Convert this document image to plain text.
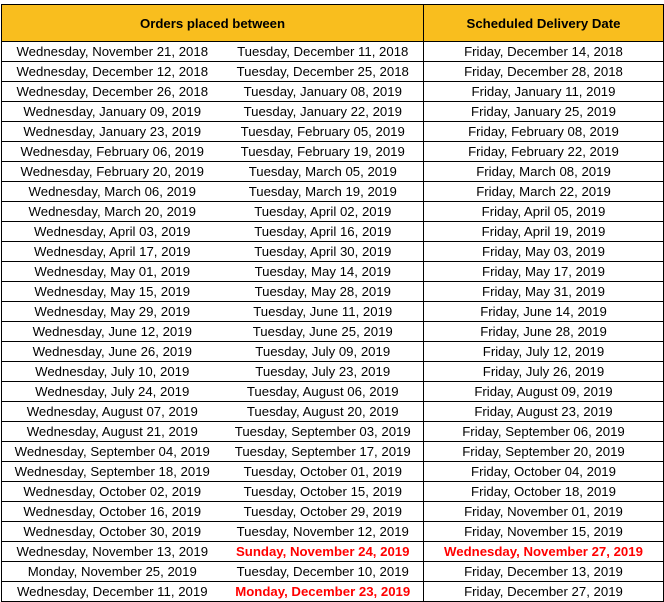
Orders placed between		Scheduled Delivery Date
Wednesday, November 21, 2018	Tuesday, December 11, 2018	Friday, December 14, 2018
Wednesday, December 12, 2018	Tuesday, December 25, 2018	Friday, December 28, 2018
Wednesday, December 26, 2018	Tuesday, January 08, 2019	Friday, January 11, 2019
Wednesday, January 09, 2019	Tuesday, January 22, 2019	Friday, January 25, 2019
Wednesday, January 23, 2019	Tuesday, February 05, 2019	Friday, February 08, 2019
Wednesday, February 06, 2019	Tuesday, February 19, 2019	Friday, February 22, 2019
Wednesday, February 20, 2019	Tuesday, March 05, 2019	Friday, March 08, 2019
Wednesday, March 06, 2019	Tuesday, March 19, 2019	Friday, March 22, 2019
Wednesday, March 20, 2019	Tuesday, April 02, 2019	Friday, April 05, 2019
Wednesday, April 03, 2019	Tuesday, April 16, 2019	Friday, April 19, 2019
Wednesday, April 17, 2019	Tuesday, April 30, 2019	Friday, May 03, 2019
Wednesday, May 01, 2019	Tuesday, May 14, 2019	Friday, May 17, 2019
Wednesday, May 15, 2019	Tuesday, May 28, 2019	Friday, May 31, 2019
Wednesday, May 29, 2019	Tuesday, June 11, 2019	Friday, June 14, 2019
Wednesday, June 12, 2019	Tuesday, June 25, 2019	Friday, June 28, 2019
Wednesday, June 26, 2019	Tuesday, July 09, 2019	Friday, July 12, 2019
Wednesday, July 10, 2019	Tuesday, July 23, 2019	Friday, July 26, 2019
Wednesday, July 24, 2019	Tuesday, August 06, 2019	Friday, August 09, 2019
Wednesday, August 07, 2019	Tuesday, August 20, 2019	Friday, August 23, 2019
Wednesday, August 21, 2019	Tuesday, September 03, 2019	Friday, September 06, 2019
Wednesday, September 04, 2019	Tuesday, September 17, 2019	Friday, September 20, 2019
Wednesday, September 18, 2019	Tuesday, October 01, 2019	Friday, October 04, 2019
Wednesday, October 02, 2019	Tuesday, October 15, 2019	Friday, October 18, 2019
Wednesday, October 16, 2019	Tuesday, October 29, 2019	Friday, November 01, 2019
Wednesday, October 30, 2019	Tuesday, November 12, 2019	Friday, November 15, 2019
Wednesday, November 13, 2019	Sunday, November 24, 2019	Wednesday, November 27, 2019
Monday, November 25, 2019	Tuesday, December 10, 2019	Friday, December 13, 2019
Wednesday, December 11, 2019	Monday, December 23, 2019	Friday, December 27, 2019
